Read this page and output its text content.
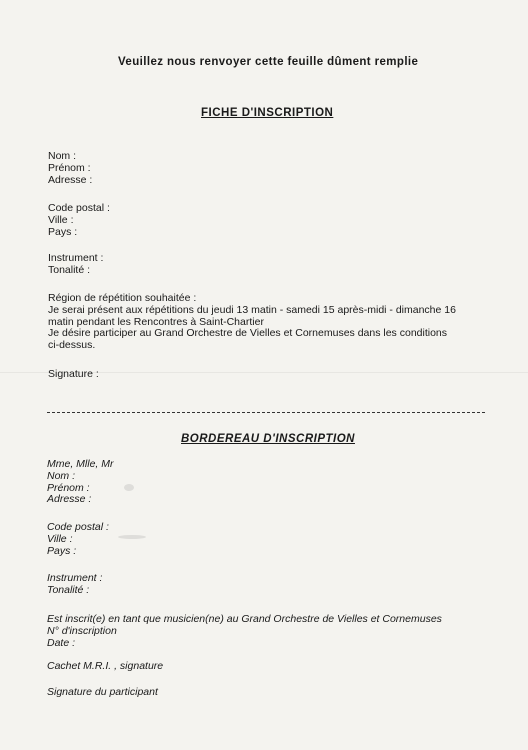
Veuillez nous renvoyer cette feuille dûment remplie
FICHE D'INSCRIPTION
Nom :
Prénom :
Adresse :
Code postal :
Ville :
Pays :
Instrument :
Tonalité :
Région de répétition souhaitée :
Je serai présent aux répétitions du jeudi 13 matin - samedi 15 après-midi - dimanche 16
matin pendant les Rencontres à Saint-Chartier
Je désire participer au Grand Orchestre de Vielles et Cornemuses dans les conditions
ci-dessus.
Signature :
BORDEREAU D'INSCRIPTION
Mme, Mlle, Mr
Nom :
Prénom :
Adresse :
Code postal :
Ville :
Pays :
Instrument :
Tonalité :
Est inscrit(e) en tant que musicien(ne) au Grand Orchestre de Vielles et Cornemuses
N° d'inscription
Date :
Cachet M.R.I. , signature
Signature du participant
